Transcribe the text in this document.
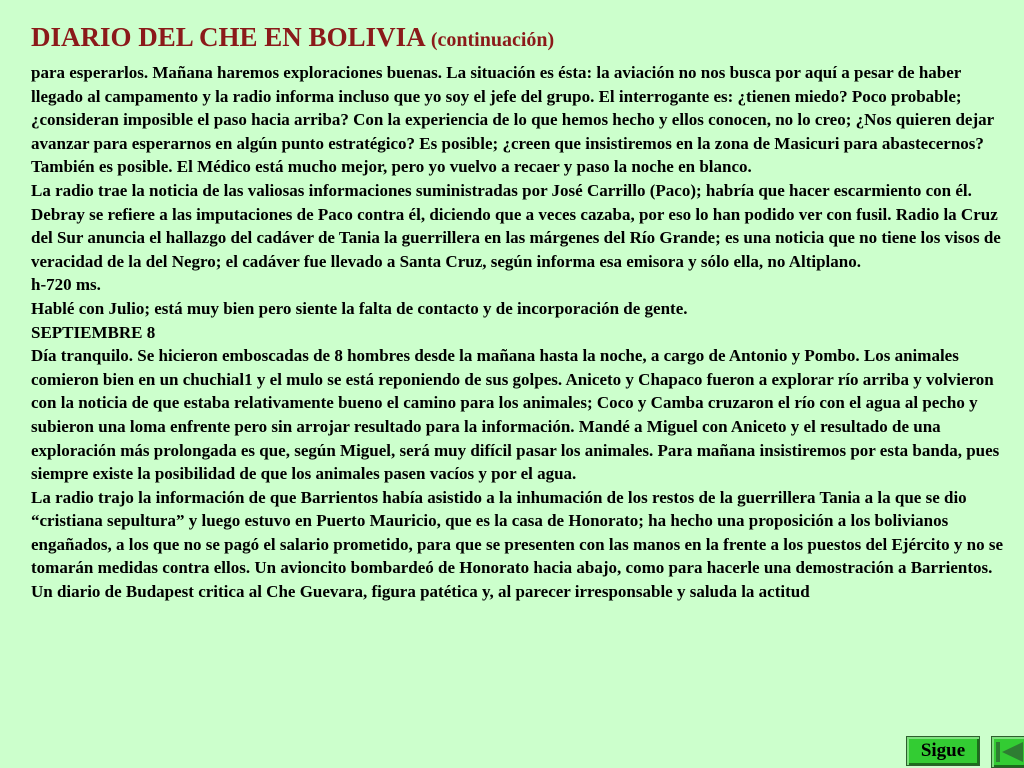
DIARIO DEL CHE EN BOLIVIA (continuación)

para esperarlos. Mañana haremos exploraciones buenas. La situación es ésta: la aviación no nos busca por aquí a pesar de haber llegado al campamento y la radio informa incluso que yo soy el jefe del grupo. El interrogante es: ¿tienen miedo? Poco probable; ¿consideran imposible el paso hacia arriba? Con la experiencia de lo que hemos hecho y ellos conocen, no lo creo; ¿Nos quieren dejar avanzar para esperarnos en algún punto estratégico? Es posible; ¿creen que insistiremos en la zona de Masicuri para abastecernos? También es posible. El Médico está mucho mejor, pero yo vuelvo a recaer y paso la noche en blanco.

La radio trae la noticia de las valiosas informaciones suministradas por José Carrillo (Paco); habría que hacer escarmiento con él.

Debray se refiere a las imputaciones de Paco contra él, diciendo que a veces cazaba, por eso lo han podido ver con fusil. Radio la Cruz del Sur anuncia el hallazgo del cadáver de Tania la guerrillera en las márgenes del Río Grande; es una noticia que no tiene los visos de veracidad de la del Negro; el cadáver fue llevado a Santa Cruz, según informa esa emisora y sólo ella, no Altiplano.

h-720 ms.

Hablé con Julio; está muy bien pero siente la falta de contacto y de incorporación de gente.

SEPTIEMBRE 8

Día tranquilo. Se hicieron emboscadas de 8 hombres desde la mañana hasta la noche, a cargo de Antonio y Pombo. Los animales comieron bien en un chuchial1 y el mulo se está reponiendo de sus golpes. Aniceto y Chapaco fueron a explorar río arriba y volvieron con la noticia de que estaba relativamente bueno el camino para los animales; Coco y Camba cruzaron el río con el agua al pecho y subieron una loma enfrente pero sin arrojar resultado para la información. Mandé a Miguel con Aniceto y el resultado de una exploración más prolongada es que, según Miguel, será muy difícil pasar los animales. Para mañana insistiremos por esta banda, pues siempre existe la posibilidad de que los animales pasen vacíos y por el agua.

La radio trajo la información de que Barrientos había asistido a la inhumación de los restos de la guerrillera Tania a la que se dio “cristiana sepultura” y luego estuvo en Puerto Mauricio, que es la casa de Honorato; ha hecho una proposición a los bolivianos engañados, a los que no se pagó el salario prometido, para que se presenten con las manos en la frente a los puestos del Ejército y no se tomarán medidas contra ellos. Un avioncito bombardeó de Honorato hacia abajo, como para hacerle una demostración a Barrientos.

Un diario de Budapest critica al Che Guevara, figura patética y, al parecer irresponsable y saluda la actitud

Sigue
